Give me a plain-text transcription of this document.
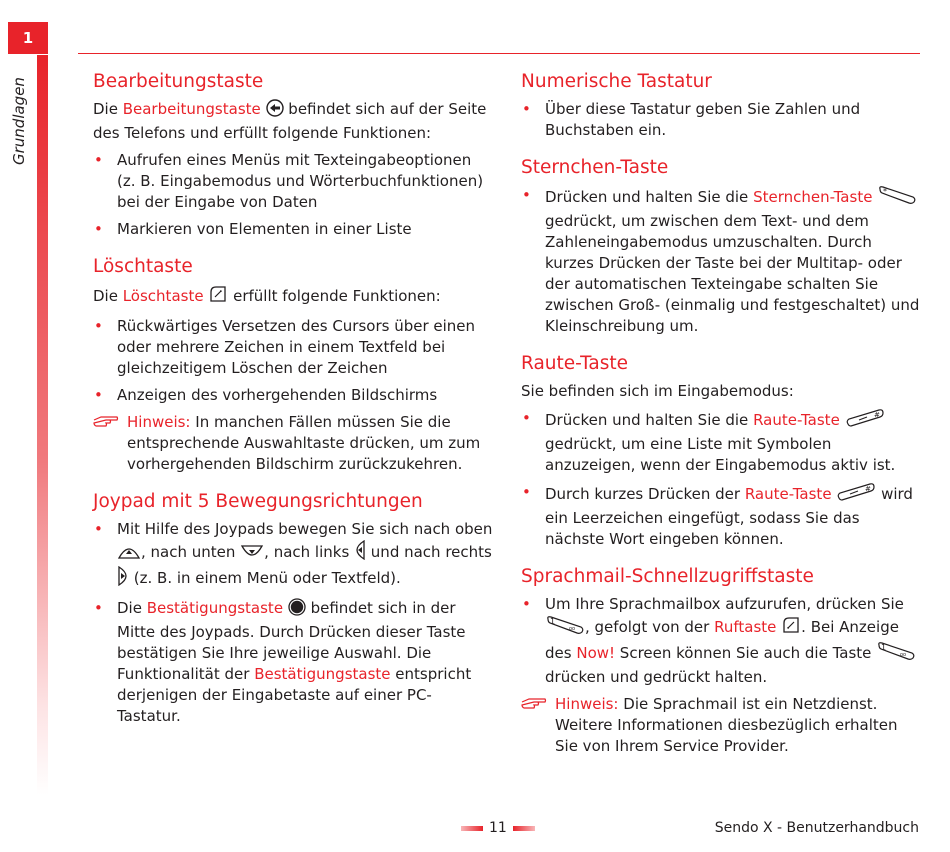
1
Grundlagen	Bearbeitungstaste

Die Bearbeitungstaste  befindet sich auf der Seite des Telefons und erfüllt folgende Funktionen:

• Aufrufen eines Menüs mit Texteingabeoptionen (z. B. Eingabemodus und Wörterbuchfunktionen) bei der Eingabe von Daten
• Markieren von Elementen in einer Liste
Löschtaste

Die Löschtaste  erfüllt folgende Funktionen:

• Rückwärtiges Versetzen des Cursors über einen oder mehrere Zeichen in einem Textfeld bei gleichzeitigem Löschen der Zeichen
• Anzeigen des vorhergehenden Bildschirms
Hinweis: In manchen Fällen müssen Sie die entsprechende Auswahltaste drücken, um zum vorhergehenden Bildschirm zurückzukehren.
Joypad mit 5 Bewegungsrichtungen
• Mit Hilfe des Joypads bewegen Sie sich nach oben , nach unten , nach links  und nach rechts  (z. B. in einem Menü oder Textfeld).
• Die Bestätigungstaste  befindet sich in der Mitte des Joypads. Durch Drücken dieser Taste bestätigen Sie Ihre jeweilige Auswahl. Die Funktionalität der Bestätigungstaste entspricht derjenigen der Eingabetaste auf einer PC-Tastatur.
Numerische Tastatur
• Über diese Tastatur geben Sie Zahlen und Buchstaben ein.
Sternchen-Taste
• Drücken und halten Sie die Sternchen-Taste *
gedrückt, um zwischen dem Text- und dem Zahleneingabemodus umzuschalten. Durch kurzes Drücken der Taste bei der Multitap- oder der automatischen Texteingabe schalten Sie zwischen Groß- (einmalig und festgeschaltet) und Kleinschreibung um.
Raute-Taste

Sie befinden sich im Eingabemodus:

• Drücken und halten Sie die Raute-Taste	#
gedrückt, um eine Liste mit Symbolen anzuzeigen, wenn der Eingabemodus aktiv ist.
• Durch kurzes Drücken der Raute-Taste	# wird ein Leerzeichen eingefügt, sodass Sie das nächste Wort eingeben können.
Sprachmail-Schnellzugriffstaste
• Um Ihre Sprachmailbox aufzurufen, drücken Sie
1
oo , gefolgt von der Ruftaste . Bei Anzeige des Now! Screen können Sie auch die Taste 1
oo
drücken und gedrückt halten.
Hinweis: Die Sprachmail ist ein Netzdienst. Weitere Informationen diesbezüglich erhalten Sie von Ihrem Service Provider.
11	Sendo X - Benutzerhandbuch
